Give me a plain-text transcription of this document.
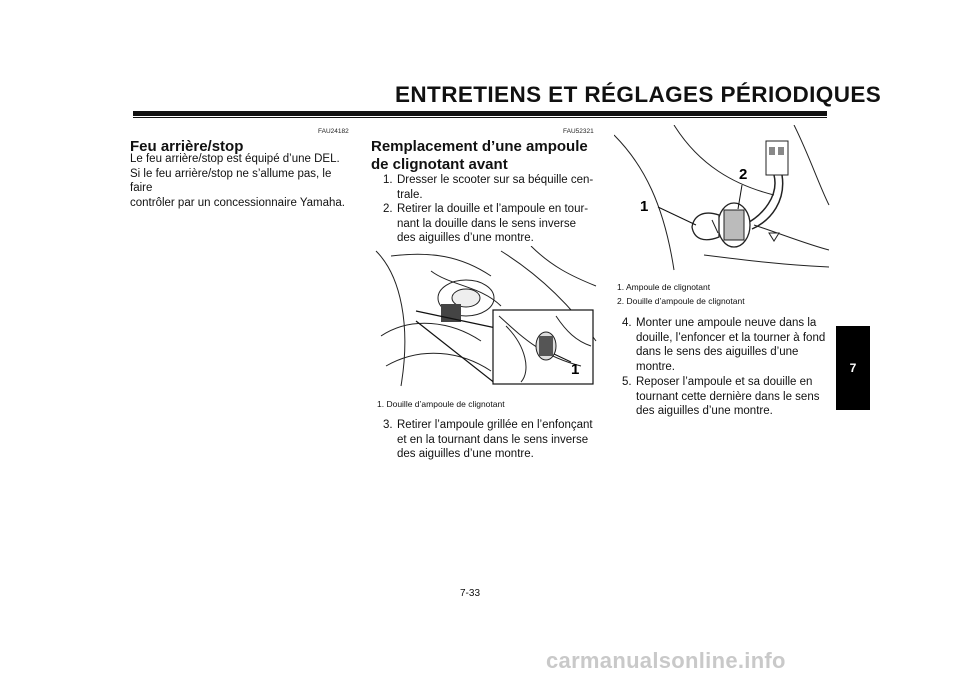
ENTRETIENS ET RÉGLAGES PÉRIODIQUES
FAU24182
Feu arrière/stop
Le feu arrière/stop est équipé d’une DEL.
Si le feu arrière/stop ne s’allume pas, le faire
contrôler par un concessionnaire Yamaha.
FAU52321
Remplacement d’une ampoule
de clignotant avant
1. Dresser le scooter sur sa béquille cen-
trale.
2. Retirer la douille et l’ampoule en tour-
nant la douille dans le sens inverse
des aiguilles d’une montre.
1
1. Douille d’ampoule de clignotant
3. Retirer l’ampoule grillée en l’enfonçant
et en la tournant dans le sens inverse
des aiguilles d’une montre.
2
1
1. Ampoule de clignotant
2. Douille d’ampoule de clignotant
4. Monter une ampoule neuve dans la
douille, l’enfoncer et la tourner à fond
dans le sens des aiguilles d’une
montre.
5. Reposer l’ampoule et sa douille en
tournant cette dernière dans le sens
des aiguilles d’une montre.
7
7-33
carmanualsonline.info
